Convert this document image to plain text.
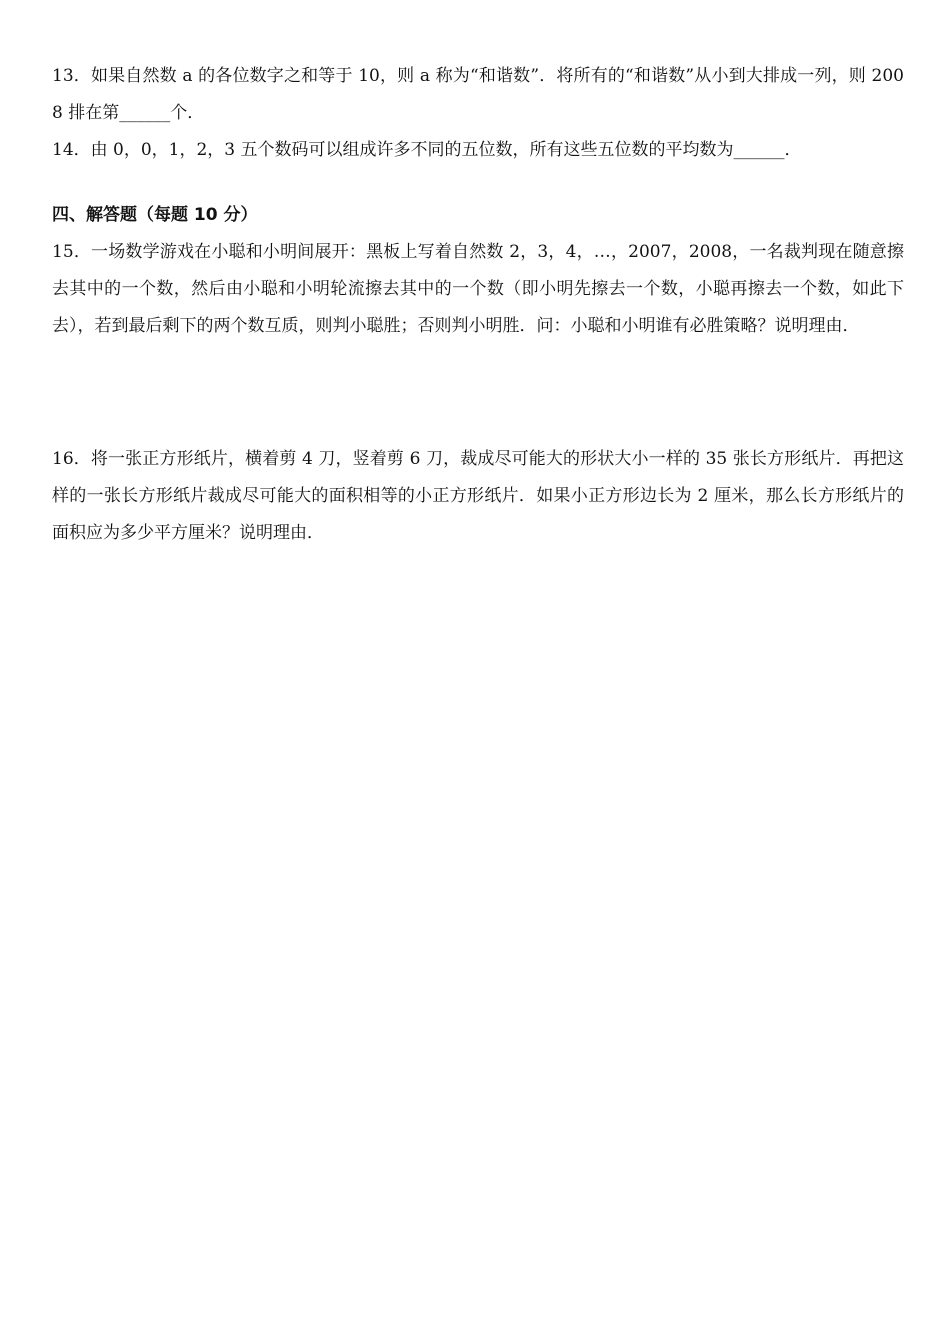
13．如果自然数 a 的各位数字之和等于 10，则 a 称为“和谐数”．将所有的“和谐数”从小到大排成一列，则 2008 排在第______个．

14．由 0，0，1，2，3 五个数码可以组成许多不同的五位数，所有这些五位数的平均数为______．

四、解答题（每题 10 分）

15．一场数学游戏在小聪和小明间展开：黑板上写着自然数 2，3，4，…，2007，2008，一名裁判现在随意擦去其中的一个数，然后由小聪和小明轮流擦去其中的一个数（即小明先擦去一个数，小聪再擦去一个数，如此下去），若到最后剩下的两个数互质，则判小聪胜；否则判小明胜．问：小聪和小明谁有必胜策略？说明理由．

16．将一张正方形纸片，横着剪 4 刀，竖着剪 6 刀，裁成尽可能大的形状大小一样的 35 张长方形纸片．再把这样的一张长方形纸片裁成尽可能大的面积相等的小正方形纸片．如果小正方形边长为 2 厘米，那么长方形纸片的面积应为多少平方厘米？说明理由．
